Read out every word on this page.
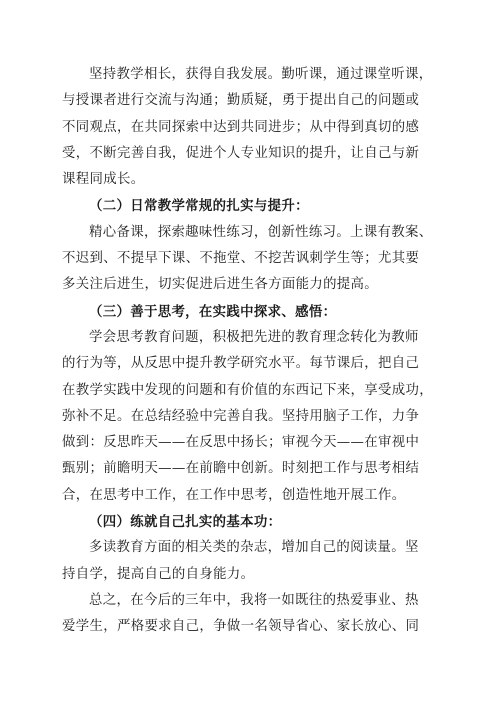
坚持教学相长，获得自我发展。勤听课，通过课堂听课，
与授课者进行交流与沟通；勤质疑，勇于提出自己的问题或
不同观点，在共同探索中达到共同进步；从中得到真切的感
受，不断完善自我，促进个人专业知识的提升，让自己与新
课程同成长。
（二）日常教学常规的扎实与提升：
精心备课，探索趣味性练习，创新性练习。上课有教案、
不迟到、不提早下课、不拖堂、不挖苦讽刺学生等；尤其要
多关注后进生，切实促进后进生各方面能力的提高。
（三）善于思考，在实践中探求、感悟：
学会思考教育问题，积极把先进的教育理念转化为教师
的行为等，从反思中提升教学研究水平。每节课后，把自己
在教学实践中发现的问题和有价值的东西记下来，享受成功，
弥补不足。在总结经验中完善自我。坚持用脑子工作，力争
做到：反思昨天——在反思中扬长；审视今天——在审视中
甄别；前瞻明天——在前瞻中创新。时刻把工作与思考相结
合，在思考中工作，在工作中思考，创造性地开展工作。
（四）练就自己扎实的基本功：
多读教育方面的相关类的杂志，增加自己的阅读量。坚
持自学，提高自己的自身能力。
总之，在今后的三年中，我将一如既往的热爱事业、热
爱学生，严格要求自己，争做一名领导省心、家长放心、同
